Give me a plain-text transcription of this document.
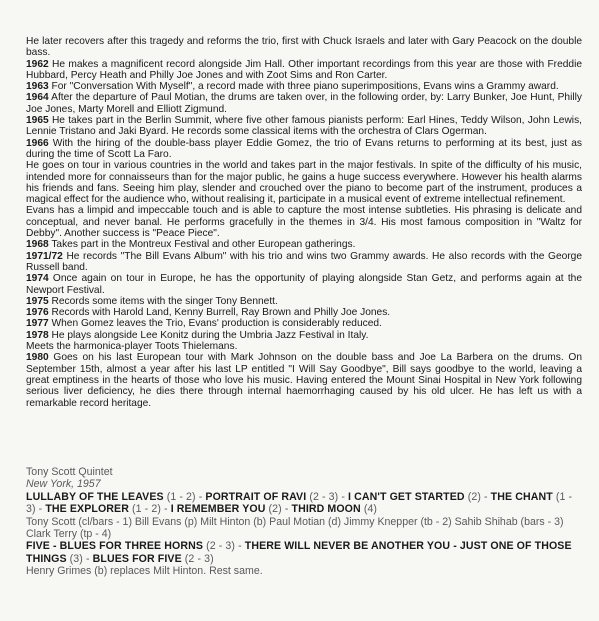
He later recovers after this tragedy and reforms the trio, first with Chuck Israels and later with Gary Peacock on the double bass.

1962 He makes a magnificent record alongside Jim Hall. Other important recordings from this year are those with Freddie Hubbard, Percy Heath and Philly Joe Jones and with Zoot Sims and Ron Carter.

1963 For "Conversation With Myself", a record made with three piano superimpositions, Evans wins a Grammy award.

1964 After the departure of Paul Motian, the drums are taken over, in the following order, by: Larry Bunker, Joe Hunt, Philly Joe Jones, Marty Morell and Elliott Zigmund.

1965 He takes part in the Berlin Summit, where five other famous pianists perform: Earl Hines, Teddy Wilson, John Lewis, Lennie Tristano and Jaki Byard. He records some classical items with the orchestra of Clars Ogerman.

1966 With the hiring of the double-bass player Eddie Gomez, the trio of Evans returns to performing at its best, just as during the time of Scott La Faro.

He goes on tour in various countries in the world and takes part in the major festivals. In spite of the difficulty of his music, intended more for connaisseurs than for the major public, he gains a huge success everywhere. However his health alarms his friends and fans. Seeing him play, slender and crouched over the piano to become part of the instrument, produces a magical effect for the audience who, without realising it, participate in a musical event of extreme intellectual refinement.

Evans has a limpid and impeccable touch and is able to capture the most intense subtleties. His phrasing is delicate and conceptual, and never banal. He performs gracefully in the themes in 3/4. His most famous composition in "Waltz for Debby". Another success is "Peace Piece".

1968 Takes part in the Montreux Festival and other European gatherings.

1971/72 He records "The Bill Evans Album" with his trio and wins two Grammy awards. He also records with the George Russell band.

1974 Once again on tour in Europe, he has the opportunity of playing alongside Stan Getz, and performs again at the Newport Festival.

1975 Records some items with the singer Tony Bennett.

1976 Records with Harold Land, Kenny Burrell, Ray Brown and Philly Joe Jones.

1977 When Gomez leaves the Trio, Evans' production is considerably reduced.

1978 He plays alongside Lee Konitz during the Umbria Jazz Festival in Italy.

Meets the harmonica-player Toots Thielemans.

1980 Goes on his last European tour with Mark Johnson on the double bass and Joe La Barbera on the drums. On September 15th, almost a year after his last LP entitled "I Will Say Goodbye", Bill says goodbye to the world, leaving a great emptiness in the hearts of those who love his music. Having entered the Mount Sinai Hospital in New York following serious liver deficiency, he dies there through internal haemorrhaging caused by his old ulcer. He has left us with a remarkable record heritage.

Tony Scott Quintet

New York, 1957

LULLABY OF THE LEAVES (1 - 2) - PORTRAIT OF RAVI (2 - 3) - I CAN'T GET STARTED (2) - THE CHANT (1 - 3) - THE EXPLORER (1 - 2) - I REMEMBER YOU (2) - THIRD MOON (4)

Tony Scott (cl/bars - 1) Bill Evans (p) Milt Hinton (b) Paul Motian (d) Jimmy Knepper (tb - 2) Sahib Shihab (bars - 3) Clark Terry (tp - 4)

FIVE - BLUES FOR THREE HORNS (2 - 3) - THERE WILL NEVER BE ANOTHER YOU - JUST ONE OF THOSE THINGS (3) - BLUES FOR FIVE (2 - 3)

Henry Grimes (b) replaces Milt Hinton. Rest same.
